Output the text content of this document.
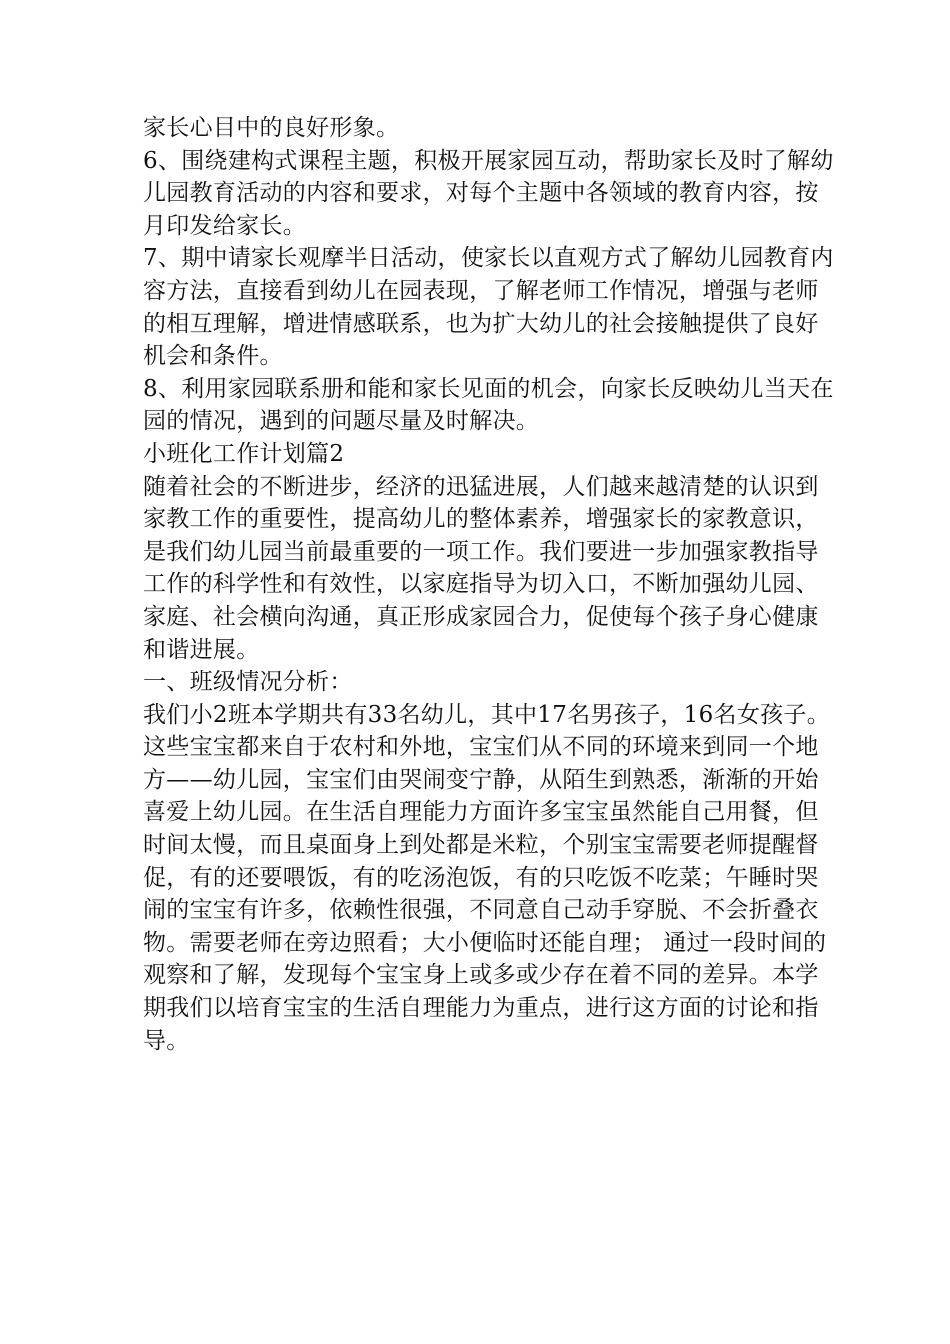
家长心目中的良好形象。
6、围绕建构式课程主题，积极开展家园互动，帮助家长及时了解幼
儿园教育活动的内容和要求，对每个主题中各领域的教育内容，按
月印发给家长。
7、期中请家长观摩半日活动，使家长以直观方式了解幼儿园教育内
容方法，直接看到幼儿在园表现，了解老师工作情况，增强与老师
的相互理解，增进情感联系，也为扩大幼儿的社会接触提供了良好
机会和条件。
8、利用家园联系册和能和家长见面的机会，向家长反映幼儿当天在
园的情况，遇到的问题尽量及时解决。
小班化工作计划篇2
随着社会的不断进步，经济的迅猛进展，人们越来越清楚的认识到
家教工作的重要性，提高幼儿的整体素养，增强家长的家教意识，
是我们幼儿园当前最重要的一项工作。我们要进一步加强家教指导
工作的科学性和有效性，以家庭指导为切入口，不断加强幼儿园、
家庭、社会横向沟通，真正形成家园合力，促使每个孩子身心健康
和谐进展。
一、班级情况分析：
我们小2班本学期共有33名幼儿，其中17名男孩子，16名女孩子。
这些宝宝都来自于农村和外地，宝宝们从不同的环境来到同一个地
方——幼儿园，宝宝们由哭闹变宁静，从陌生到熟悉，渐渐的开始
喜爱上幼儿园。在生活自理能力方面许多宝宝虽然能自己用餐，但
时间太慢，而且桌面身上到处都是米粒，个别宝宝需要老师提醒督
促，有的还要喂饭，有的吃汤泡饭，有的只吃饭不吃菜；午睡时哭
闹的宝宝有许多，依赖性很强，不同意自己动手穿脱、不会折叠衣
物。需要老师在旁边照看；大小便临时还能自理； 通过一段时间的
观察和了解，发现每个宝宝身上或多或少存在着不同的差异。本学
期我们以培育宝宝的生活自理能力为重点，进行这方面的讨论和指
导。
